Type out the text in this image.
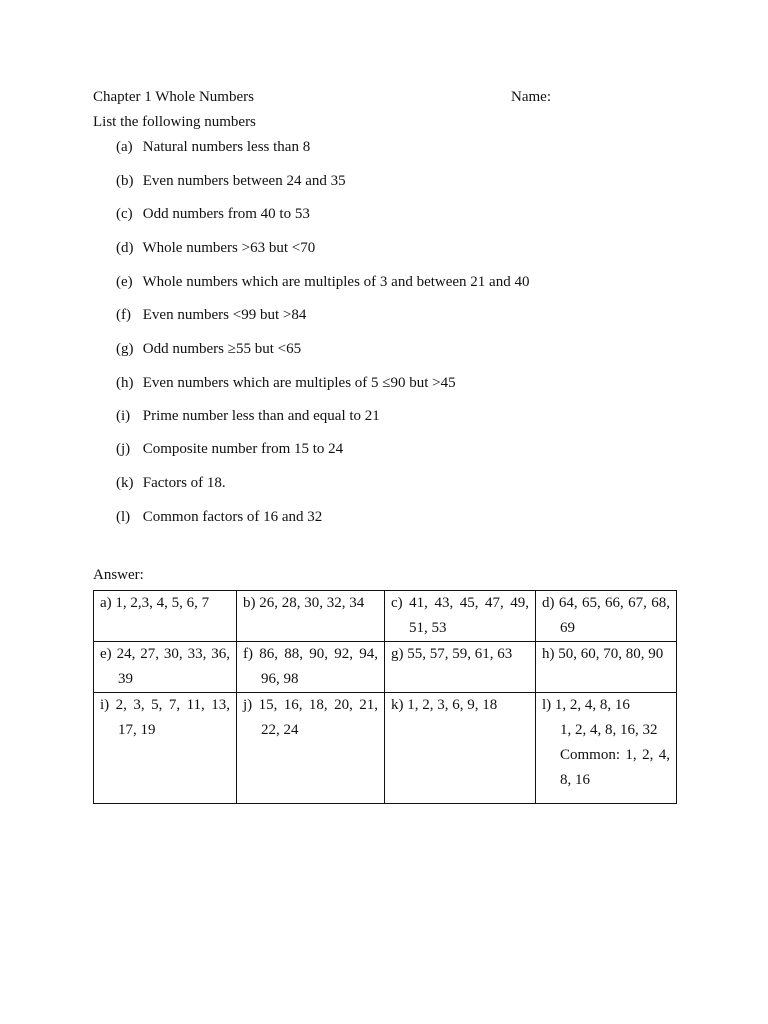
Chapter 1 Whole Numbers	Name:
List the following numbers
(a) Natural numbers less than 8
(b) Even numbers between 24 and 35
(c) Odd numbers from 40 to 53
(d) Whole numbers >63 but <70
(e) Whole numbers which are multiples of 3 and between 21 and 40
(f) Even numbers <99 but >84
(g) Odd numbers ≥55 but <65
(h) Even numbers which are multiples of 5 ≤90 but >45
(i) Prime number less than and equal to 21
(j) Composite number from 15 to 24
(k) Factors of 18.
(l) Common factors of 16 and 32
Answer:
a) 1, 2,3, 4, 5, 6, 7	b) 26, 28, 30, 32, 34	c) 41, 43, 45, 47, 49, 51, 53	d) 64, 65, 66, 67, 68, 69

e) 24, 27, 30, 33, 36, 39	f) 86, 88, 90, 92, 94, 96, 98	g) 55, 57, 59, 61, 63	h) 50, 60, 70, 80, 90

i) 2, 3, 5, 7, 11, 13, 17, 19	j) 15, 16, 18, 20, 21, 22, 24	k) 1, 2, 3, 6, 9, 18	l) 1, 2, 4, 8, 16
1, 2, 4, 8, 16, 32
Common: 1, 2, 4, 8, 16
